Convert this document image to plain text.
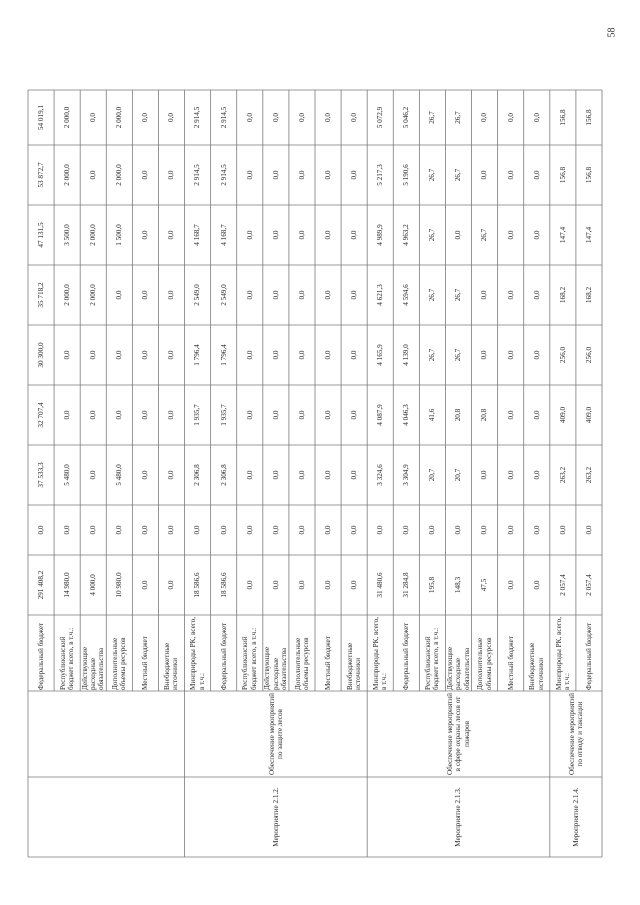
Мероприятие 2.1.2.
Обеспечение мероприятий по защите лесов
Мероприятие 2.1.3.
Обеспечение мероприятий в сфере охраны лесов от пожаров
Мероприятие 2.1.4.
Обеспечение мероприятий по отводу и таксации
Федеральный бюджет
291 408,2
0,0
37 533,3
32 707,4
30 300,0
35 718,2
47 131,5
53 872,7
54 019,1
Республиканский бюджет всего, в т.ч.:
14 980,0
0,0
5 480,0
0,0
0,0
2 000,0
3 500,0
2 000,0
2 000,0
Действующие расходные обязательства
4 000,0
0,0
0,0
0,0
0,0
2 000,0
2 000,0
0,0
0,0
Дополнительные объемы ресурсов
10 980,0
0,0
5 480,0
0,0
0,0
0,0
1 500,0
2 000,0
2 000,0
Местный бюджет
0,0
0,0
0,0
0,0
0,0
0,0
0,0
0,0
0,0
Внебюджетные источники
0,0
0,0
0,0
0,0
0,0
0,0
0,0
0,0
0,0
Минприроды РК, всего, в т.ч.:
18 586,6
0,0
2 306,8
1 935,7
1 796,4
2 549,0
4 168,7
2 914,5
2 914,5
Федеральный бюджет
18 586,6
0,0
2 306,8
1 935,7
1 796,4
2 549,0
4 168,7
2 914,5
2 914,5
Республиканский бюджет всего, в т.ч.:
0,0
0,0
0,0
0,0
0,0
0,0
0,0
0,0
0,0
Действующие расходные обязательства
0,0
0,0
0,0
0,0
0,0
0,0
0,0
0,0
0,0
Дополнительные объемы ресурсов
0,0
0,0
0,0
0,0
0,0
0,0
0,0
0,0
0,0
Местный бюджет
0,0
0,0
0,0
0,0
0,0
0,0
0,0
0,0
0,0
Внебюджетные источники
0,0
0,0
0,0
0,0
0,0
0,0
0,0
0,0
0,0
Минприроды РК, всего, в т.ч.:
31 480,6
0,0
3 324,6
4 087,9
4 165,9
4 621,3
4 989,9
5 217,3
5 072,9
Федеральный бюджет
31 284,8
0,0
3 304,9
4 046,3
4 139,0
4 594,6
4 963,2
5 190,6
5 046,2
Республиканский бюджет всего, в т.ч.:
195,8
0,0
20,7
41,6
26,7
26,7
26,7
26,7
26,7
Действующие расходные обязательства
148,3
0,0
20,7
20,8
26,7
26,7
0,0
26,7
26,7
Дополнительные объемы ресурсов
47,5
0,0
0,0
20,8
0,0
0,0
26,7
0,0
0,0
Местный бюджет
0,0
0,0
0,0
0,0
0,0
0,0
0,0
0,0
0,0
Внебюджетные источники
0,0
0,0
0,0
0,0
0,0
0,0
0,0
0,0
0,0
Минприроды РК, всего, в т.ч.:
2 057,4
0,0
263,2
409,0
256,0
168,2
147,4
156,8
156,8
Федеральный бюджет
2 057,4
0,0
263,2
409,0
256,0
168,2
147,4
156,8
156,8
58
